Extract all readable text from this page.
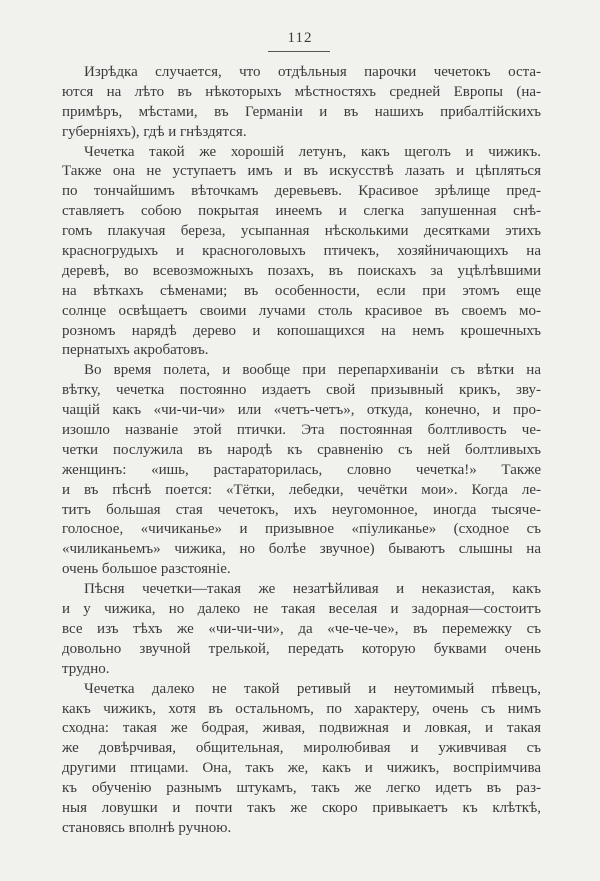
112
Изрѣдка случается, что отдѣльныя парочки чечетокъ оста-
ются на лѣто въ нѣкоторыхъ мѣстностяхъ средней Европы (на-
примѣръ, мѣстами, въ Германіи и въ нашихъ прибалтійскихъ
губерніяхъ), гдѣ и гнѣздятся.
Чечетка такой же хорошій летунъ, какъ щеголъ и чижикъ.
Также она не уступаетъ имъ и въ искусствѣ лазать и цѣпляться
по тончайшимъ вѣточкамъ деревьевъ. Красивое зрѣлище пред-
ставляетъ собою покрытая инеемъ и слегка запушенная снѣ-
гомъ плакучая береза, усыпанная нѣсколькими десятками этихъ
красногрудыхъ и красноголовыхъ птичекъ, хозяйничающихъ на
деревѣ, во всевозможныхъ позахъ, въ поискахъ за уцѣлѣвшими
на вѣткахъ сѣменами; въ особенности, если при этомъ еще
солнце освѣщаетъ своими лучами столь красивое въ своемъ мо-
розномъ нарядѣ дерево и копошащихся на немъ крошечныхъ
пернатыхъ акробатовъ.
Во время полета, и вообще при перепархиваніи съ вѣтки на
вѣтку, чечетка постоянно издаетъ свой призывный крикъ, зву-
чащій какъ «чи-чи-чи» или «четъ-четъ», откуда, конечно, и про-
изошло названіе этой птички. Эта постоянная болтливость че-
четки послужила въ народѣ къ сравненію съ ней болтливыхъ
женщинъ: «ишь, растараторилась, словно чечетка!» Также
и въ пѣснѣ поется: «Тётки, лебедки, чечётки мои». Когда ле-
титъ большая стая чечетокъ, ихъ неугомонное, иногда тысяче-
голосное, «чичиканье» и призывное «піуликанье» (сходное съ
«чиликаньемъ» чижика, но болѣе звучное) бываютъ слышны на
очень большое разстояніе.
Пѣсня чечетки—такая же незатѣйливая и неказистая, какъ
и у чижика, но далеко не такая веселая и задорная—состоитъ
все изъ тѣхъ же «чи-чи-чи», да «че-че-че», въ перемежку съ
довольно звучной трелькой, передать которую буквами очень
трудно.
Чечетка далеко не такой ретивый и неутомимый пѣвецъ,
какъ чижикъ, хотя въ остальномъ, по характеру, очень съ нимъ
сходна: такая же бодрая, живая, подвижная и ловкая, и такая
же довѣрчивая, общительная, миролюбивая и уживчивая съ
другими птицами. Она, такъ же, какъ и чижикъ, воспріимчива
къ обученію разнымъ штукамъ, такъ же легко идетъ въ раз-
ныя ловушки и почти такъ же скоро привыкаетъ къ клѣткѣ,
становясь вполнѣ ручною.
